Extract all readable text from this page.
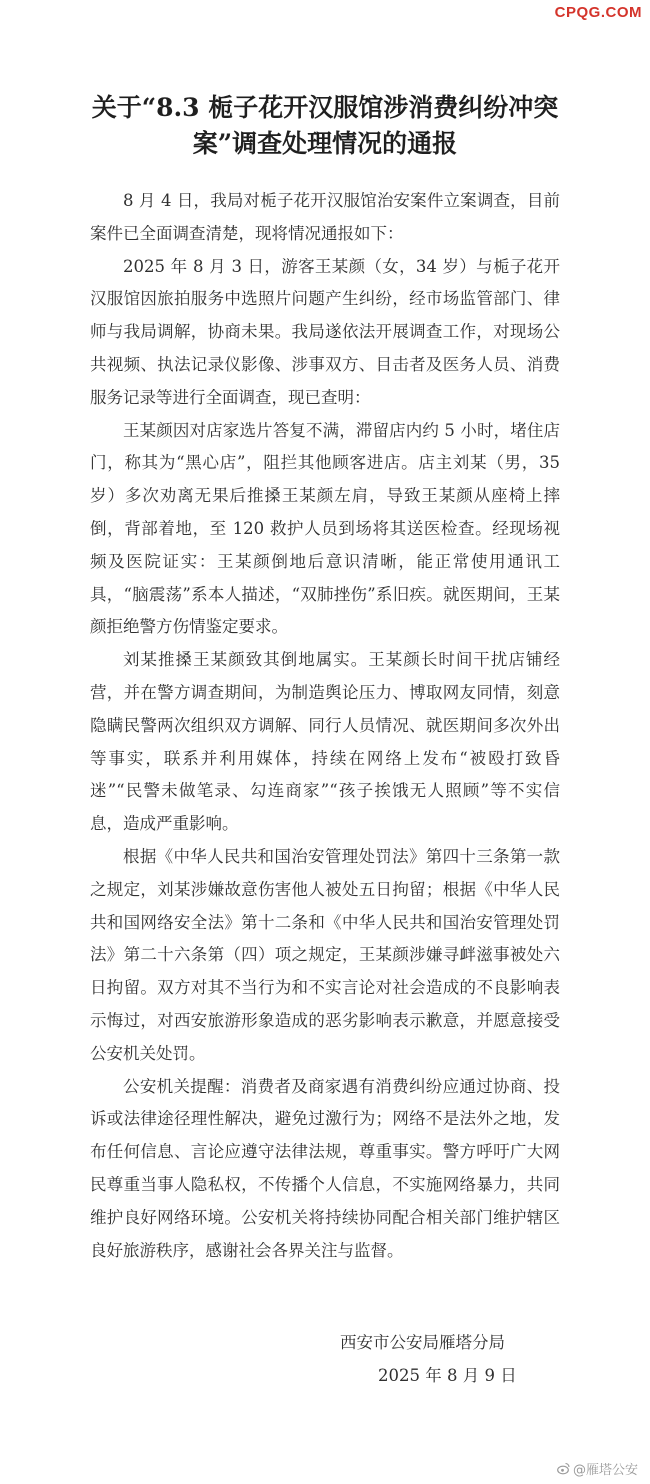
CPQG.COM
关于“8.3 栀子花开汉服馆涉消费纠纷冲突案”调查处理情况的通报

8 月 4 日，我局对栀子花开汉服馆治安案件立案调查，目前案件已全面调查清楚，现将情况通报如下：

2025 年 8 月 3 日，游客王某颜（女，34 岁）与栀子花开汉服馆因旅拍服务中选照片问题产生纠纷，经市场监管部门、律师与我局调解，协商未果。我局遂依法开展调查工作，对现场公共视频、执法记录仪影像、涉事双方、目击者及医务人员、消费服务记录等进行全面调查，现已查明：

王某颜因对店家选片答复不满，滞留店内约 5 小时，堵住店门，称其为“黑心店”，阻拦其他顾客进店。店主刘某（男，35 岁）多次劝离无果后推搡王某颜左肩，导致王某颜从座椅上摔倒，背部着地，至 120 救护人员到场将其送医检查。经现场视频及医院证实：王某颜倒地后意识清晰，能正常使用通讯工具，“脑震荡”系本人描述，“双肺挫伤”系旧疾。就医期间，王某颜拒绝警方伤情鉴定要求。

刘某推搡王某颜致其倒地属实。王某颜长时间干扰店铺经营，并在警方调查期间，为制造舆论压力、博取网友同情，刻意隐瞒民警两次组织双方调解、同行人员情况、就医期间多次外出等事实，联系并利用媒体，持续在网络上发布“被殴打致昏迷”“民警未做笔录、勾连商家”“孩子挨饿无人照顾”等不实信息，造成严重影响。

根据《中华人民共和国治安管理处罚法》第四十三条第一款之规定，刘某涉嫌故意伤害他人被处五日拘留；根据《中华人民共和国网络安全法》第十二条和《中华人民共和国治安管理处罚法》第二十六条第（四）项之规定，王某颜涉嫌寻衅滋事被处六日拘留。双方对其不当行为和不实言论对社会造成的不良影响表示悔过，对西安旅游形象造成的恶劣影响表示歉意，并愿意接受公安机关处罚。

公安机关提醒：消费者及商家遇有消费纠纷应通过协商、投诉或法律途径理性解决，避免过激行为；网络不是法外之地，发布任何信息、言论应遵守法律法规，尊重事实。警方呼吁广大网民尊重当事人隐私权，不传播个人信息，不实施网络暴力，共同维护良好网络环境。公安机关将持续协同配合相关部门维护辖区良好旅游秩序，感谢社会各界关注与监督。

西安市公安局雁塔分局
2025 年 8 月 9 日
@雁塔公安
